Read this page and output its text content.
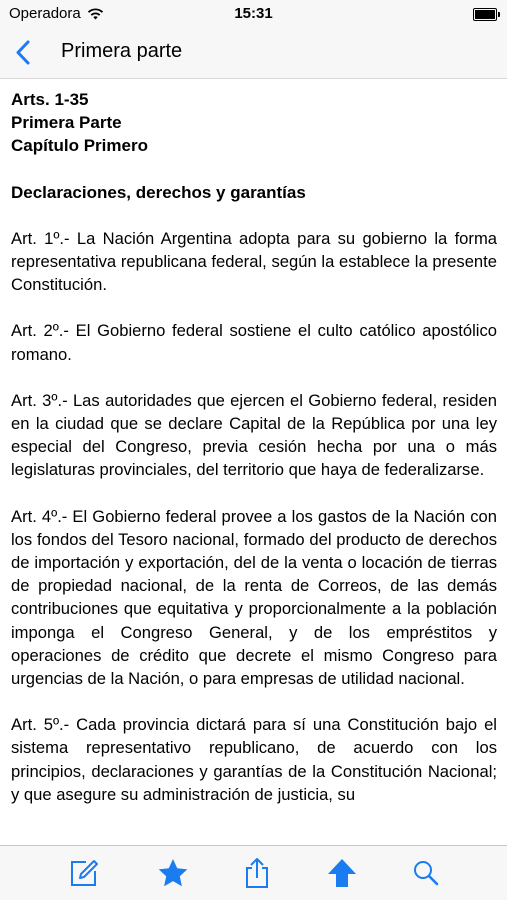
Operadora	15:31
Primera parte
Arts. 1-35
Primera Parte
Capítulo Primero
Declaraciones, derechos y garantías
Art. 1º.- La Nación Argentina adopta para su gobierno la forma representativa republicana federal, según la establece la presente Constitución.
Art. 2º.- El Gobierno federal sostiene el culto católico apostólico romano.
Art. 3º.- Las autoridades que ejercen el Gobierno federal, residen en la ciudad que se declare Capital de la República por una ley especial del Congreso, previa cesión hecha por una o más legislaturas provinciales, del territorio que haya de federalizarse.
Art. 4º.- El Gobierno federal provee a los gastos de la Nación con los fondos del Tesoro nacional, formado del producto de derechos de importación y exportación, del de la venta o locación de tierras de propiedad nacional, de la renta de Correos, de las demás contribuciones que equitativa y proporcionalmente a la población imponga el Congreso General, y de los empréstitos y operaciones de crédito que decrete el mismo Congreso para urgencias de la Nación, o para empresas de utilidad nacional.
Art. 5º.- Cada provincia dictará para sí una Constitución bajo el sistema representativo republicano, de acuerdo con los principios, declaraciones y garantías de la Constitución Nacional; y que asegure su administración de justicia, su
